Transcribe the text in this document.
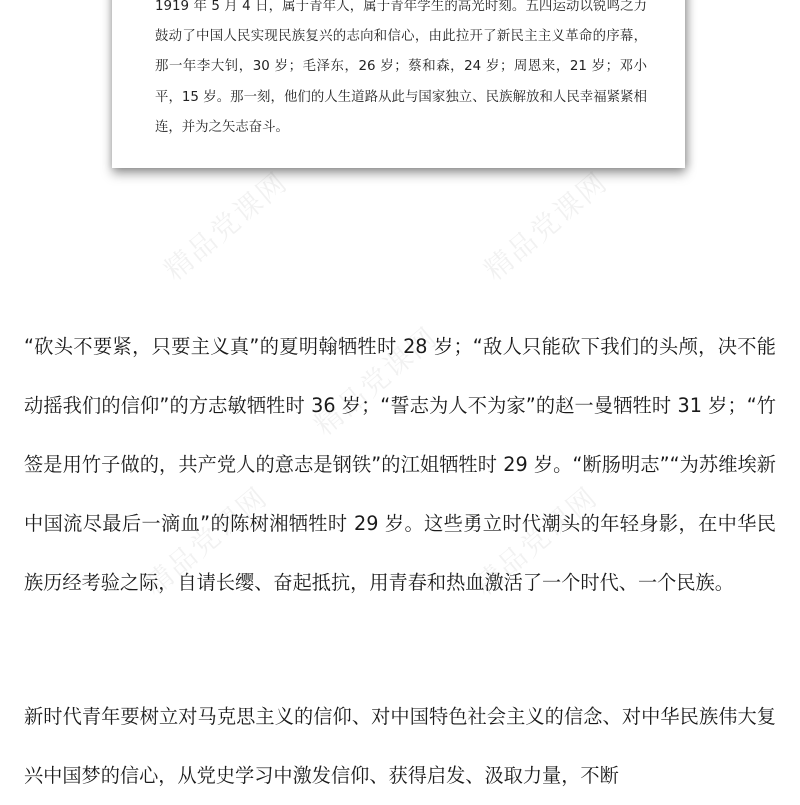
精品党课网	精品党课网
精品党课网
精品党课网	精品党课网

1919 年 5 月 4 日，属于青年人，属于青年学生的高光时刻。五四运动以锐鸣之力鼓动了中国人民实现民族复兴的志向和信心，由此拉开了新民主主义革命的序幕，那一年李大钊，30 岁；毛泽东，26 岁；蔡和森，24 岁；周恩来，21 岁；邓小平，15 岁。那一刻，他们的人生道路从此与国家独立、民族解放和人民幸福紧紧相连，并为之矢志奋斗。

“砍头不要紧，只要主义真”的夏明翰牺牲时 28 岁；“敌人只能砍下我们的头颅，决不能动摇我们的信仰”的方志敏牺牲时 36 岁；“誓志为人不为家”的赵一曼牺牲时 31 岁；“竹签是用竹子做的，共产党人的意志是钢铁”的江姐牺牲时 29 岁。“断肠明志”“为苏维埃新中国流尽最后一滴血”的陈树湘牺牲时 29 岁。这些勇立时代潮头的年轻身影，在中华民族历经考验之际，自请长缨、奋起抵抗，用青春和热血激活了一个时代、一个民族。

新时代青年要树立对马克思主义的信仰、对中国特色社会主义的信念、对中华民族伟大复兴中国梦的信心，从党史学习中激发信仰、获得启发、汲取力量，不断
